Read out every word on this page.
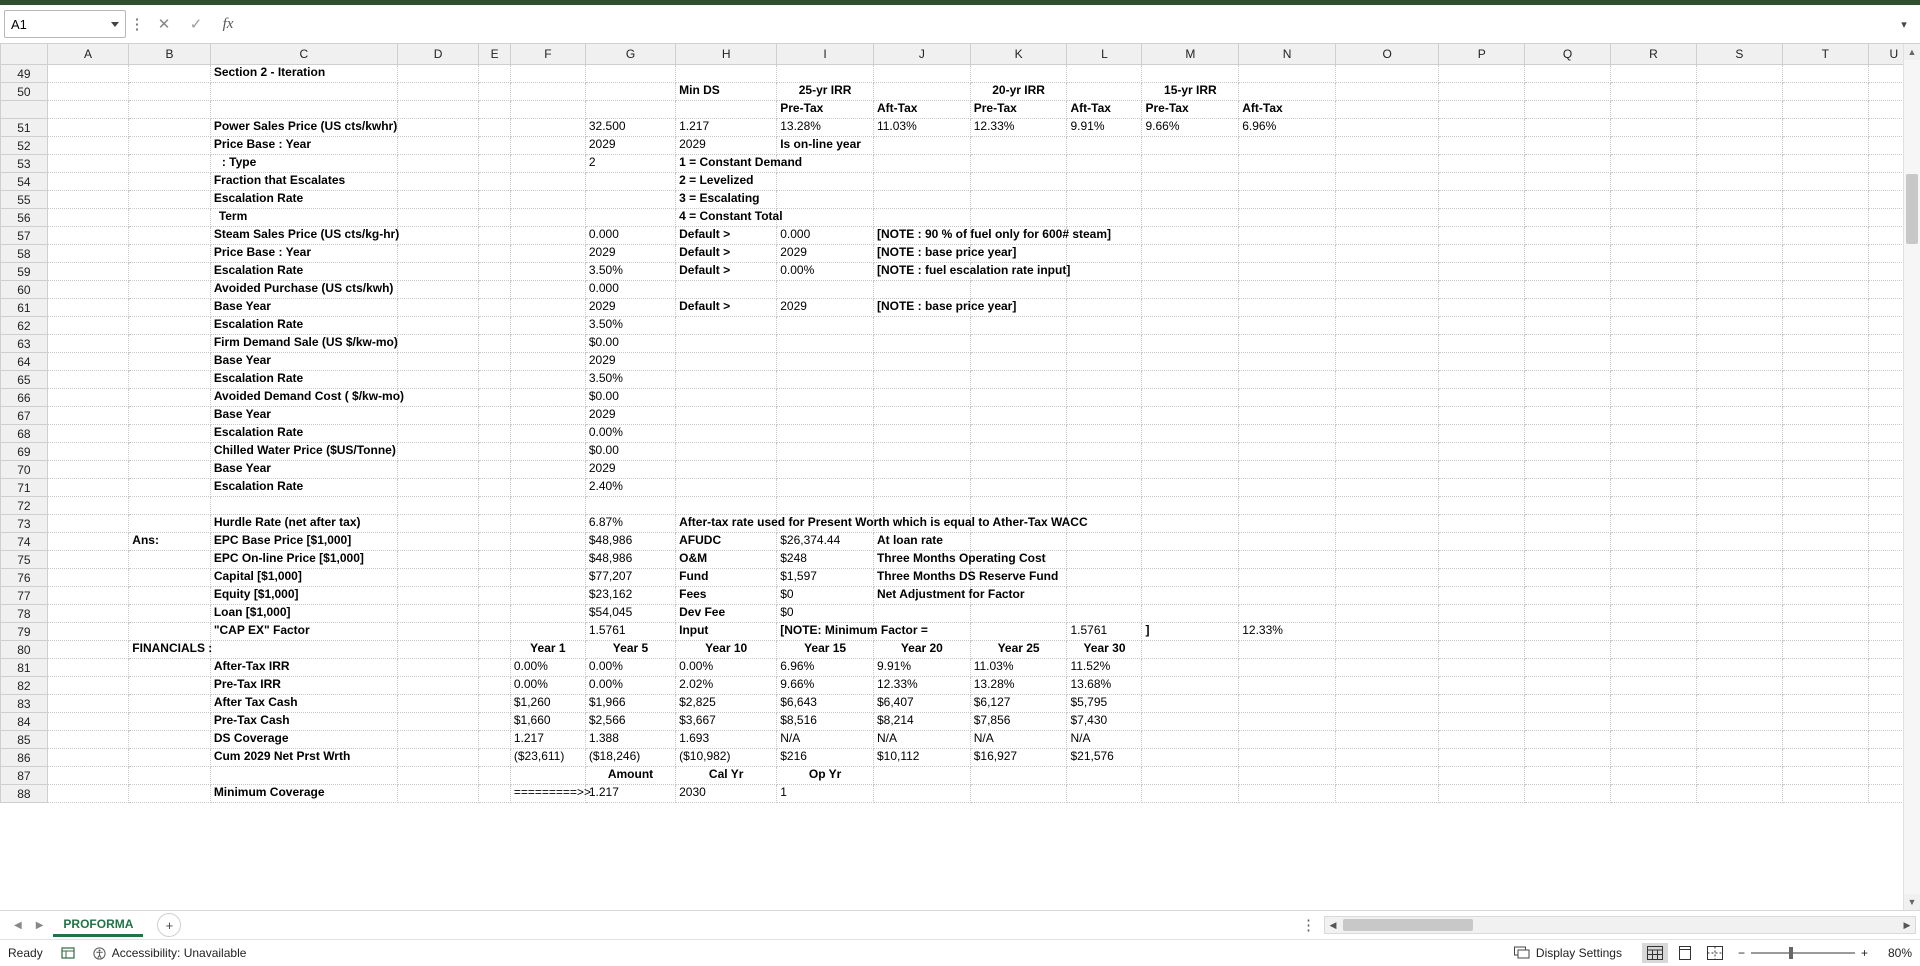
A1	⋮ ✕	✓	fx	▾
	A	B	C	D	E	F	G	H	I	J	K	L	M	N	O	P	Q	R	S	T	U
49			Section 2 - Iteration																		

50								Min DS	25-yr IRR		20-yr IRR		15-yr IRR								

									Pre-Tax	Aft-Tax	Pre-Tax	Aft-Tax	Pre-Tax	Aft-Tax							

51			Power Sales Price (US cts/kwhr)				32.500	1.217	13.28%	11.03%	12.33%	9.91%	9.66%	6.96%							

52			Price Base : Year				2029	2029	Is on-line year												

53			: Type				2	1 = Constant Demand													

54			Fraction that Escalates					2 = Levelized													

55			Escalation Rate					3 = Escalating													

56			Term					4 = Constant Total													

57			Steam Sales Price (US cts/kg-hr)				0.000	Default >	0.000	[NOTE : 90 % of fuel only for 600# steam]											

58			Price Base : Year				2029	Default >	2029	[NOTE : base price year]											

59			Escalation Rate				3.50%	Default >	0.00%	[NOTE : fuel escalation rate input]											

60			Avoided Purchase (US cts/kwh)				0.000														

61			Base Year				2029	Default >	2029	[NOTE : base price year]											

62			Escalation Rate				3.50%														

63			Firm Demand Sale (US $/kw-mo)				$0.00														

64			Base Year				2029														

65			Escalation Rate				3.50%														

66			Avoided Demand Cost ( $/kw-mo)				$0.00														

67			Base Year				2029														

68			Escalation Rate				0.00%														

69			Chilled Water Price ($US/Tonne)				$0.00														

70			Base Year				2029														

71			Escalation Rate				2.40%														

72																					
73			Hurdle Rate (net after tax)				6.87%	After-tax rate used for Present Worth which is equal to Ather-Tax WACC													

74		Ans:	EPC Base Price [$1,000]				$48,986	AFUDC	$26,374.44	At loan rate											

75			EPC On-line Price [$1,000]				$48,986	O&M	$248	Three Months Operating Cost											

76			Capital [$1,000]				$77,207	Fund	$1,597	Three Months DS Reserve Fund											

77			Equity [$1,000]				$23,162	Fees	$0	Net Adjustment for Factor											

78			Loan [$1,000]				$54,045	Dev Fee	$0												

79			"CAP EX" Factor				1.5761	Input	[NOTE: Minimum Factor =			1.5761	]	12.33%							

80		FINANCIALS :				Year 1	Year 5	Year 10	Year 15	Year 20	Year 25	Year 30									

81			After-Tax IRR			0.00%	0.00%	0.00%	6.96%	9.91%	11.03%	11.52%									

82			Pre-Tax IRR			0.00%	0.00%	2.02%	9.66%	12.33%	13.28%	13.68%									

83			After Tax Cash			$1,260	$1,966	$2,825	$6,643	$6,407	$6,127	$5,795									

84			Pre-Tax Cash			$1,660	$2,566	$3,667	$8,516	$8,214	$7,856	$7,430									

85			DS Coverage			1.217	1.388	1.693	N/A	N/A	N/A	N/A									

86			Cum 2029 Net Prst Wrth			($23,611)	($18,246)	($10,982)	$216	$10,112	$16,927	$21,576									

87							Amount	Cal Yr	Op Yr												

88			Minimum Coverage			=========>>	1.217	2030	1												

▲
▼
◀ ▶	PROFORMA	+	⋮	◀	▶
Ready	Accessibility: Unavailable	Display Settings	−	+	80%
